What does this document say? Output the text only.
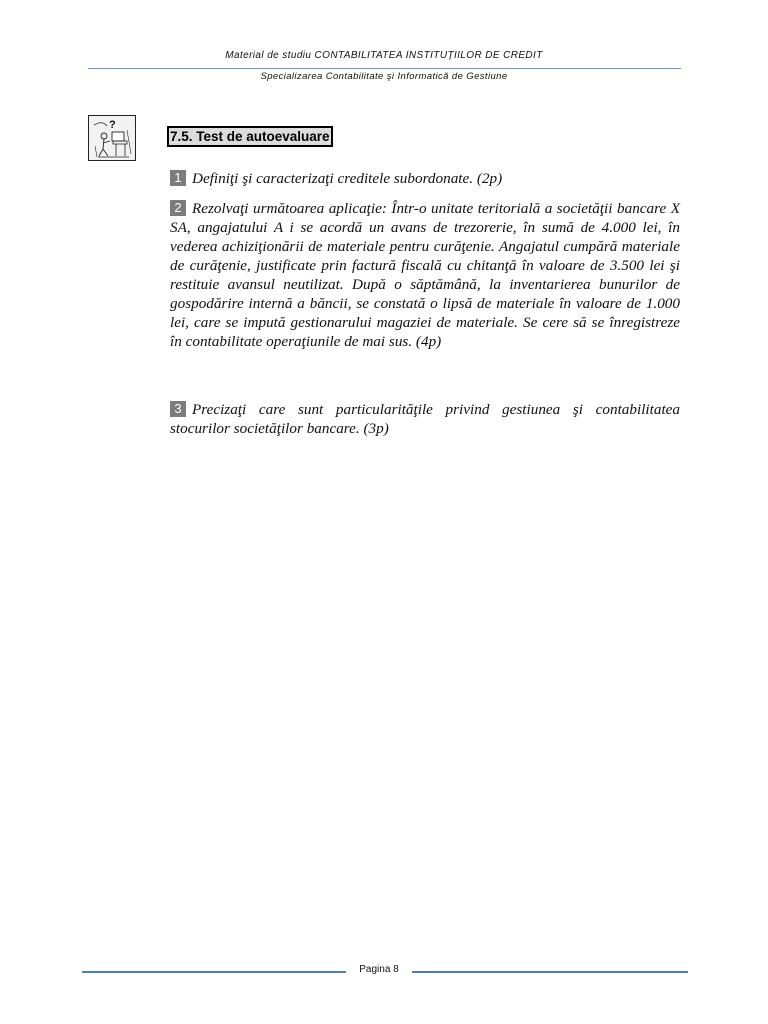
Material de studiu CONTABILITATEA INSTITUȚIILOR DE CREDIT
Specializarea Contabilitate şi Informatică de Gestiune
?
7.5. Test de autoevaluare
1 Definiţi şi caracterizaţi creditele subordonate. (2p)
2 Rezolvaţi următoarea aplicaţie: Într-o unitate teritorială a societăţii bancare X SA, angajatului A i se acordă un avans de trezorerie, în sumă de 4.000 lei, în vederea achiziţionării de materiale pentru curăţenie. Angajatul cumpără materiale de curăţenie, justificate prin factură fiscală cu chitanţă în valoare de 3.500 lei şi restituie avansul neutilizat. După o săptămână, la inventarierea bunurilor de gospodărire internă a băncii, se constată o lipsă de materiale în valoare de 1.000 lei, care se impută gestionarului magaziei de materiale. Se cere să se înregistreze în contabilitate operaţiunile de mai sus. (4p)
3 Precizaţi care sunt particularităţile privind gestiunea şi contabilitatea stocurilor societăţilor bancare. (3p)
Pagina 8
